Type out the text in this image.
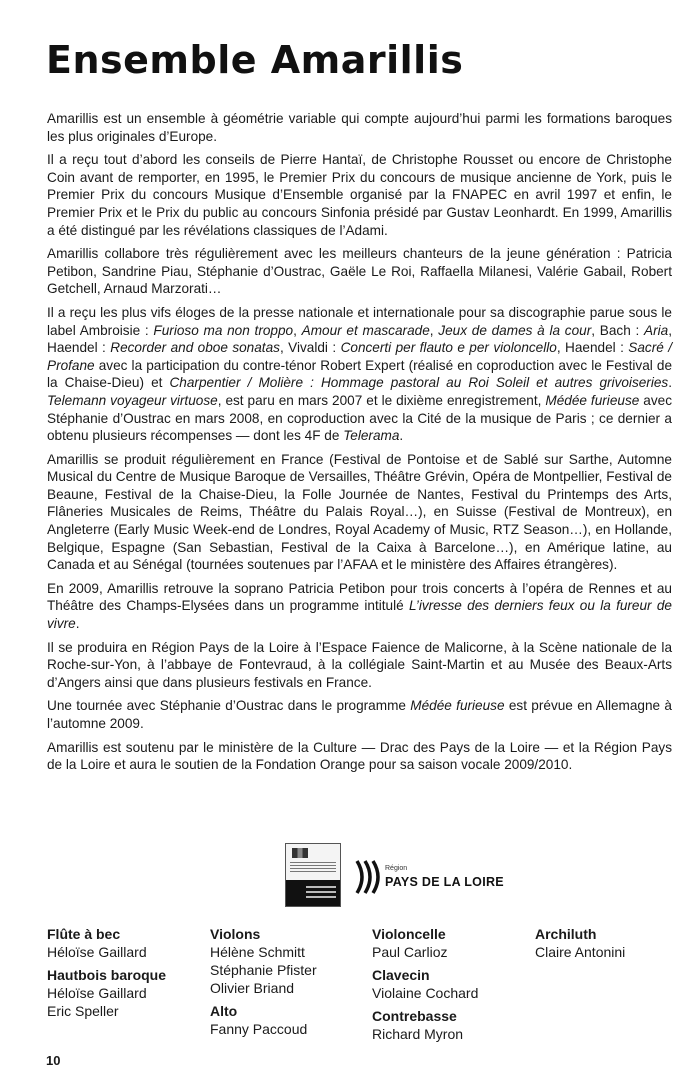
Ensemble Amarillis

Amarillis est un ensemble à géométrie variable qui compte aujourd’hui parmi les formations baroques les plus originales d’Europe.

Il a reçu tout d’abord les conseils de Pierre Hantaï, de Christophe Rousset ou encore de Christophe Coin avant de remporter, en 1995, le Premier Prix du concours de musique ancienne de York, puis le Premier Prix du concours Musique d’Ensemble organisé par la FNAPEC en avril 1997 et enfin, le Premier Prix et le Prix du public au concours Sinfonia présidé par Gustav Leonhardt. En 1999, Amarillis a été distingué par les révélations classiques de l’Adami.

Amarillis collabore très régulièrement avec les meilleurs chanteurs de la jeune génération : Patricia Petibon, Sandrine Piau, Stéphanie d’Oustrac, Gaële Le Roi, Raffaella Milanesi, Valérie Gabail, Robert Getchell, Arnaud Marzorati…

Il a reçu les plus vifs éloges de la presse nationale et internationale pour sa discographie parue sous le label Ambroisie : Furioso ma non troppo, Amour et mascarade, Jeux de dames à la cour, Bach : Aria, Haendel : Recorder and oboe sonatas, Vivaldi : Concerti per flauto e per violoncello, Haendel : Sacré / Profane avec la participation du contre-ténor Robert Expert (réalisé en coproduction avec le Festival de la Chaise-Dieu) et Charpentier / Molière : Hommage pastoral au Roi Soleil et autres grivoiseries. Telemann voyageur virtuose, est paru en mars 2007 et le dixième enregistrement, Médée furieuse avec Stéphanie d’Oustrac en mars 2008, en coproduction avec la Cité de la musique de Paris ; ce dernier a obtenu plusieurs récompenses — dont les 4F de Telerama.

Amarillis se produit régulièrement en France (Festival de Pontoise et de Sablé sur Sarthe, Automne Musical du Centre de Musique Baroque de Versailles, Théâtre Grévin, Opéra de Montpellier, Festival de Beaune, Festival de la Chaise-Dieu, la Folle Journée de Nantes, Festival du Printemps des Arts, Flâneries Musicales de Reims, Théâtre du Palais Royal…), en Suisse (Festival de Montreux), en Angleterre (Early Music Week-end de Londres, Royal Academy of Music, RTZ Season…), en Hollande, Belgique, Espagne (San Sebastian, Festival de la Caixa à Barcelone…), en Amérique latine, au Canada et au Sénégal (tournées soutenues par l’AFAA et le ministère des Affaires étrangères).

En 2009, Amarillis retrouve la soprano Patricia Petibon pour trois concerts à l’opéra de Rennes et au Théâtre des Champs-Elysées dans un programme intitulé L’ivresse des derniers feux ou la fureur de vivre.

Il se produira en Région Pays de la Loire à l’Espace Faience de Malicorne, à la Scène nationale de la Roche-sur-Yon, à l’abbaye de Fontevraud, à la collégiale Saint-Martin et au Musée des Beaux-Arts d’Angers ainsi que dans plusieurs festivals en France.

Une tournée avec Stéphanie d’Oustrac dans le programme Médée furieuse est prévue en Allemagne à l’automne 2009.

Amarillis est soutenu par le ministère de la Culture — Drac des Pays de la Loire — et la Région Pays de la Loire et aura le soutien de la Fondation Orange pour sa saison vocale 2009/2010.

Région
PAYS DE LA LOIRE

Flûte à bec

Héloïse Gaillard

Hautbois baroque

Héloïse Gaillard

Eric Speller

Violons

Hélène Schmitt

Stéphanie Pfister

Olivier Briand

Alto

Fanny Paccoud

Violoncelle

Paul Carlioz

Clavecin

Violaine Cochard

Contrebasse

Richard Myron

Archiluth

Claire Antonini

10
